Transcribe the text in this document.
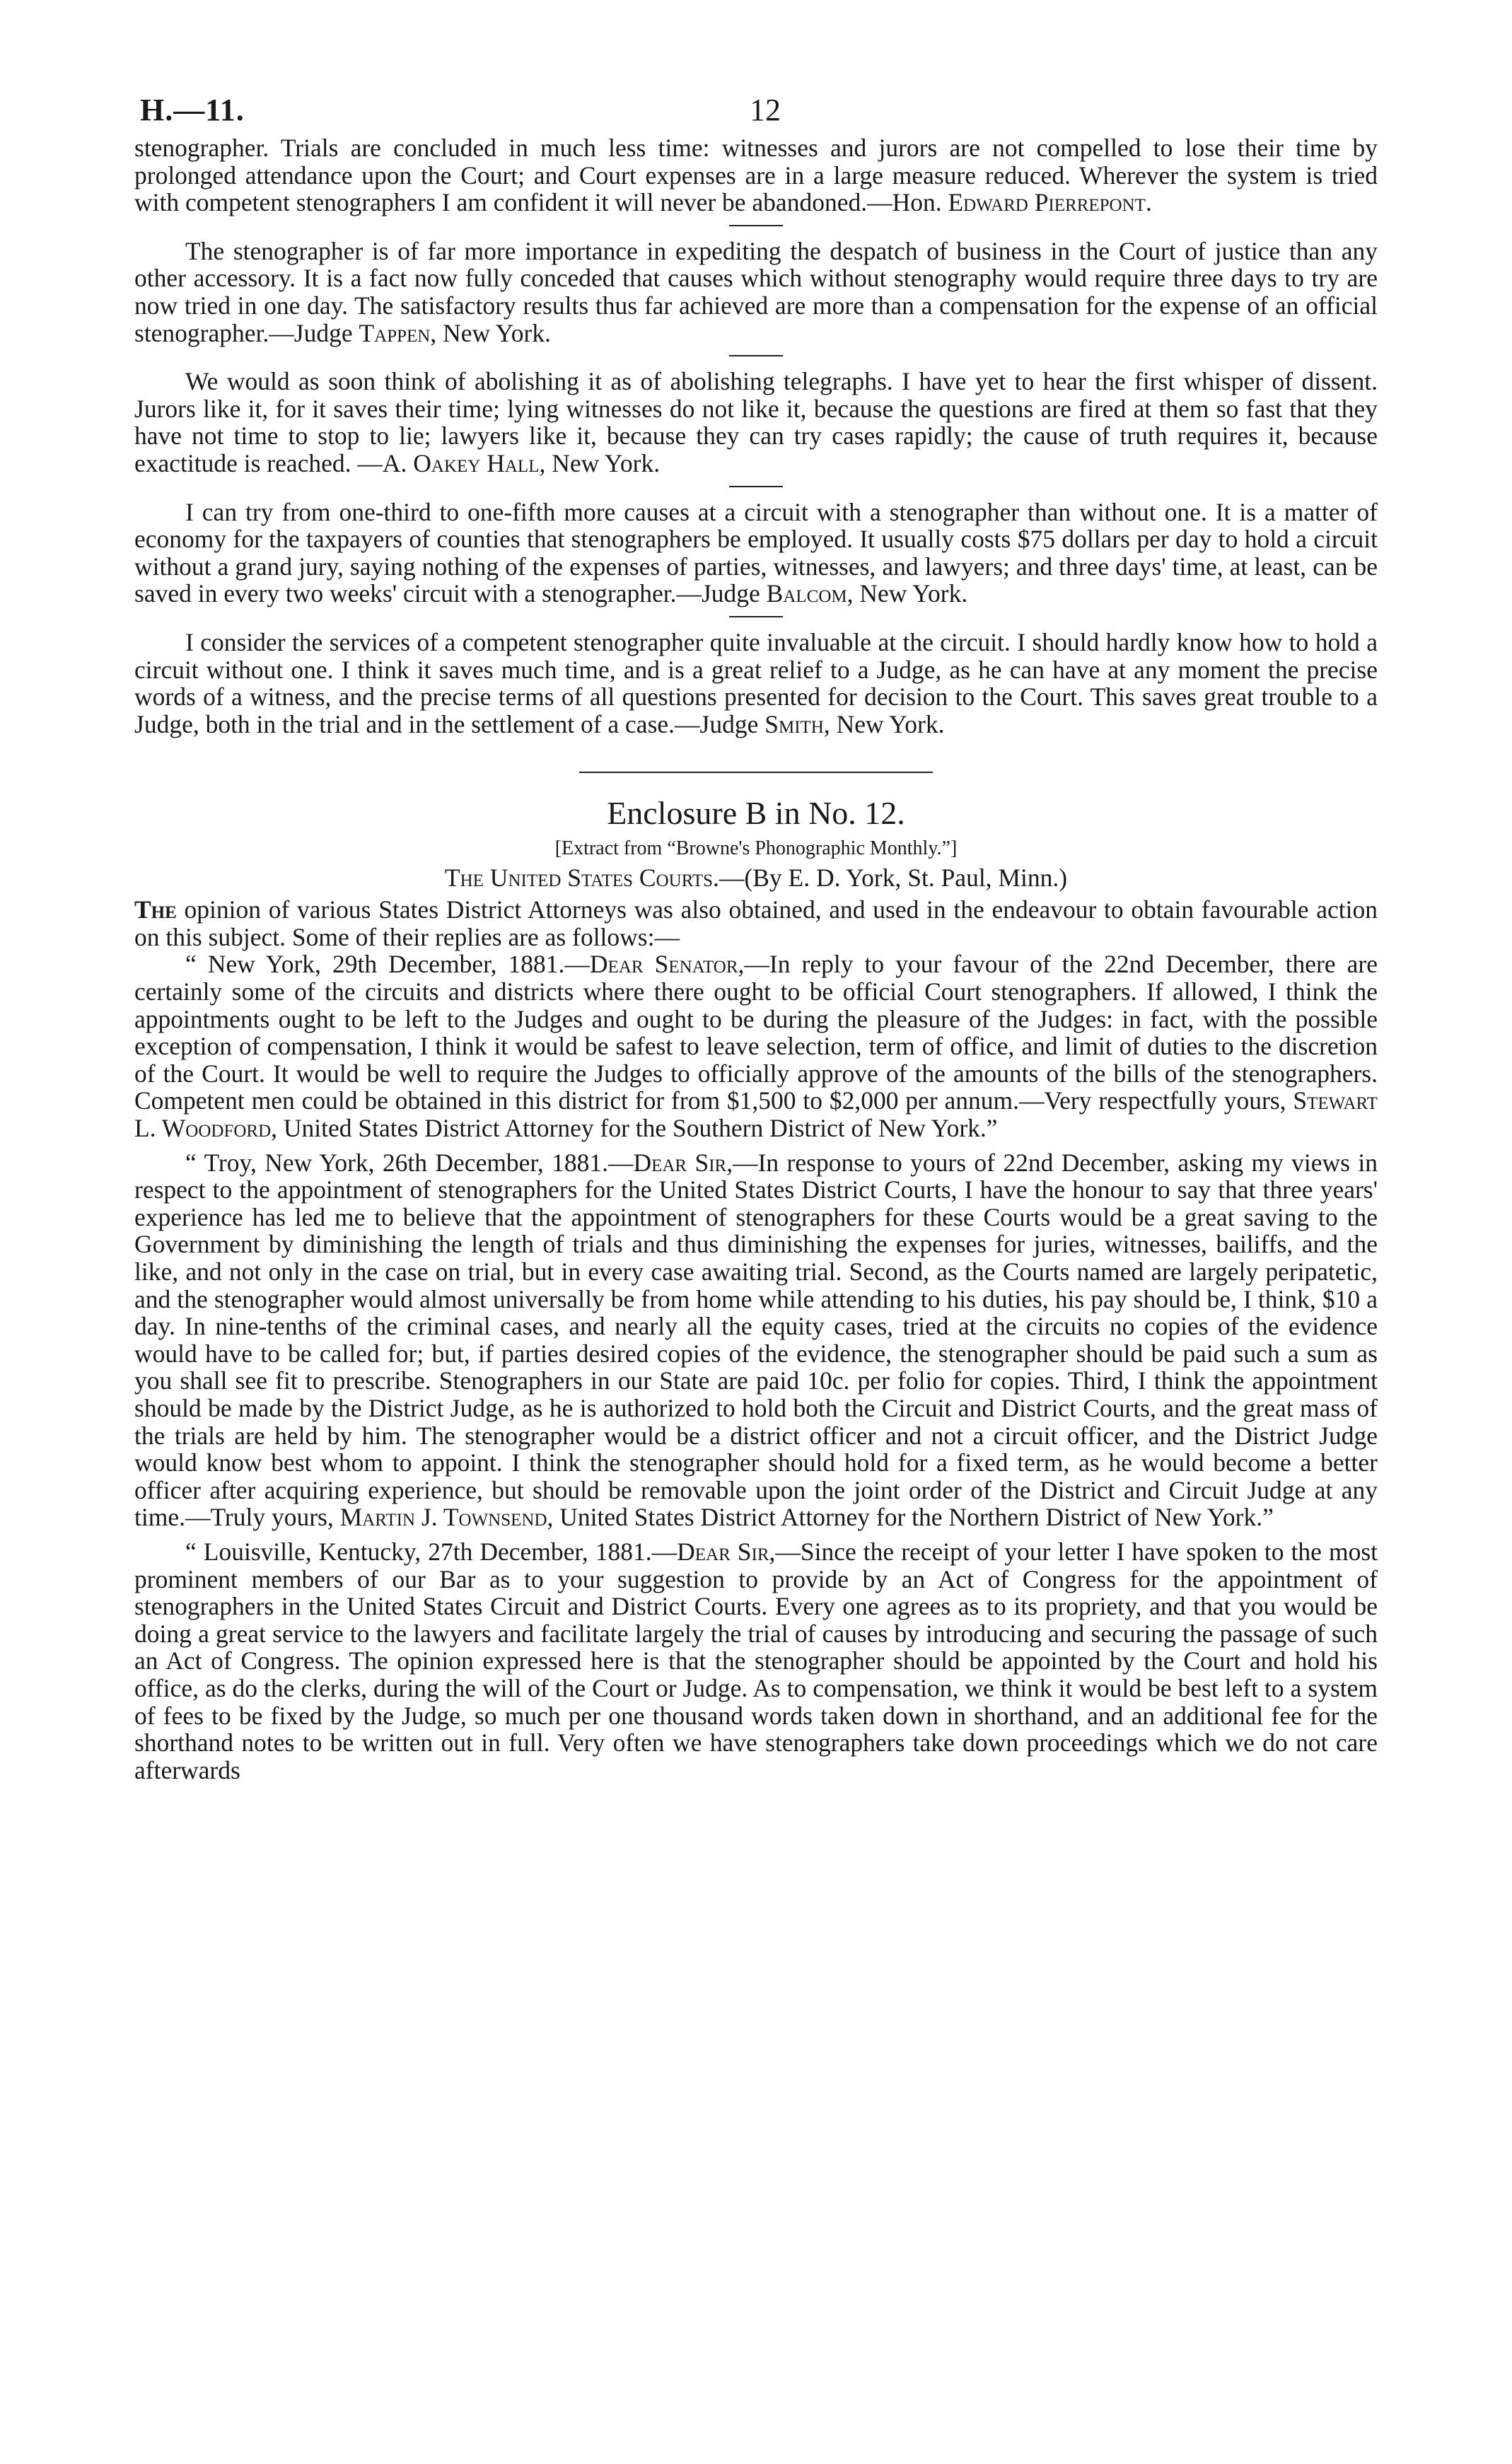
H.—11.	12

stenographer. Trials are concluded in much less time: witnesses and jurors are not compelled to lose their time by prolonged attendance upon the Court; and Court expenses are in a large measure reduced. Wherever the system is tried with competent stenographers I am confident it will never be abandoned.—Hon. Edward Pierrepont.

The stenographer is of far more importance in expediting the despatch of business in the Court of justice than any other accessory. It is a fact now fully conceded that causes which without stenography would require three days to try are now tried in one day. The satisfactory results thus far achieved are more than a compensation for the expense of an official stenographer.—Judge Tappen, New York.

We would as soon think of abolishing it as of abolishing telegraphs. I have yet to hear the first whisper of dissent. Jurors like it, for it saves their time; lying witnesses do not like it, because the questions are fired at them so fast that they have not time to stop to lie; lawyers like it, because they can try cases rapidly; the cause of truth requires it, because exactitude is reached. —A. Oakey Hall, New York.

I can try from one-third to one-fifth more causes at a circuit with a stenographer than without one. It is a matter of economy for the taxpayers of counties that stenographers be employed. It usually costs $75 dollars per day to hold a circuit without a grand jury, saying nothing of the expenses of parties, witnesses, and lawyers; and three days' time, at least, can be saved in every two weeks' circuit with a stenographer.—Judge Balcom, New York.

I consider the services of a competent stenographer quite invaluable at the circuit. I should hardly know how to hold a circuit without one. I think it saves much time, and is a great relief to a Judge, as he can have at any moment the precise words of a witness, and the precise terms of all questions presented for decision to the Court. This saves great trouble to a Judge, both in the trial and in the settlement of a case.—Judge Smith, New York.

Enclosure B in No. 12.

[Extract from “Browne's Phonographic Monthly.”]

The United States Courts.—(By E. D. York, St. Paul, Minn.)

The opinion of various States District Attorneys was also obtained, and used in the endeavour to obtain favourable action on this subject. Some of their replies are as follows:—

“ New York, 29th December, 1881.—Dear Senator,—In reply to your favour of the 22nd December, there are certainly some of the circuits and districts where there ought to be official Court stenographers. If allowed, I think the appointments ought to be left to the Judges and ought to be during the pleasure of the Judges: in fact, with the possible exception of compensation, I think it would be safest to leave selection, term of office, and limit of duties to the discretion of the Court. It would be well to require the Judges to officially approve of the amounts of the bills of the stenographers. Competent men could be obtained in this district for from $1,500 to $2,000 per annum.—Very respectfully yours, Stewart L. Woodford, United States District Attorney for the Southern District of New York.”

“ Troy, New York, 26th December, 1881.—Dear Sir,—In response to yours of 22nd December, asking my views in respect to the appointment of stenographers for the United States District Courts, I have the honour to say that three years' experience has led me to believe that the appointment of stenographers for these Courts would be a great saving to the Government by diminishing the length of trials and thus diminishing the expenses for juries, witnesses, bailiffs, and the like, and not only in the case on trial, but in every case awaiting trial. Second, as the Courts named are largely peripatetic, and the stenographer would almost universally be from home while attending to his duties, his pay should be, I think, $10 a day. In nine-tenths of the criminal cases, and nearly all the equity cases, tried at the circuits no copies of the evidence would have to be called for; but, if parties desired copies of the evidence, the stenographer should be paid such a sum as you shall see fit to prescribe. Stenographers in our State are paid 10c. per folio for copies. Third, I think the appointment should be made by the District Judge, as he is authorized to hold both the Circuit and District Courts, and the great mass of the trials are held by him. The stenographer would be a district officer and not a circuit officer, and the District Judge would know best whom to appoint. I think the stenographer should hold for a fixed term, as he would become a better officer after acquiring experience, but should be removable upon the joint order of the District and Circuit Judge at any time.—Truly yours, Martin J. Townsend, United States District Attorney for the Northern District of New York.”

“ Louisville, Kentucky, 27th December, 1881.—Dear Sir,—Since the receipt of your letter I have spoken to the most prominent members of our Bar as to your suggestion to provide by an Act of Congress for the appointment of stenographers in the United States Circuit and District Courts. Every one agrees as to its propriety, and that you would be doing a great service to the lawyers and facilitate largely the trial of causes by introducing and securing the passage of such an Act of Congress. The opinion expressed here is that the stenographer should be appointed by the Court and hold his office, as do the clerks, during the will of the Court or Judge. As to compensation, we think it would be best left to a system of fees to be fixed by the Judge, so much per one thousand words taken down in shorthand, and an additional fee for the shorthand notes to be written out in full. Very often we have stenographers take down proceedings which we do not care afterwards
